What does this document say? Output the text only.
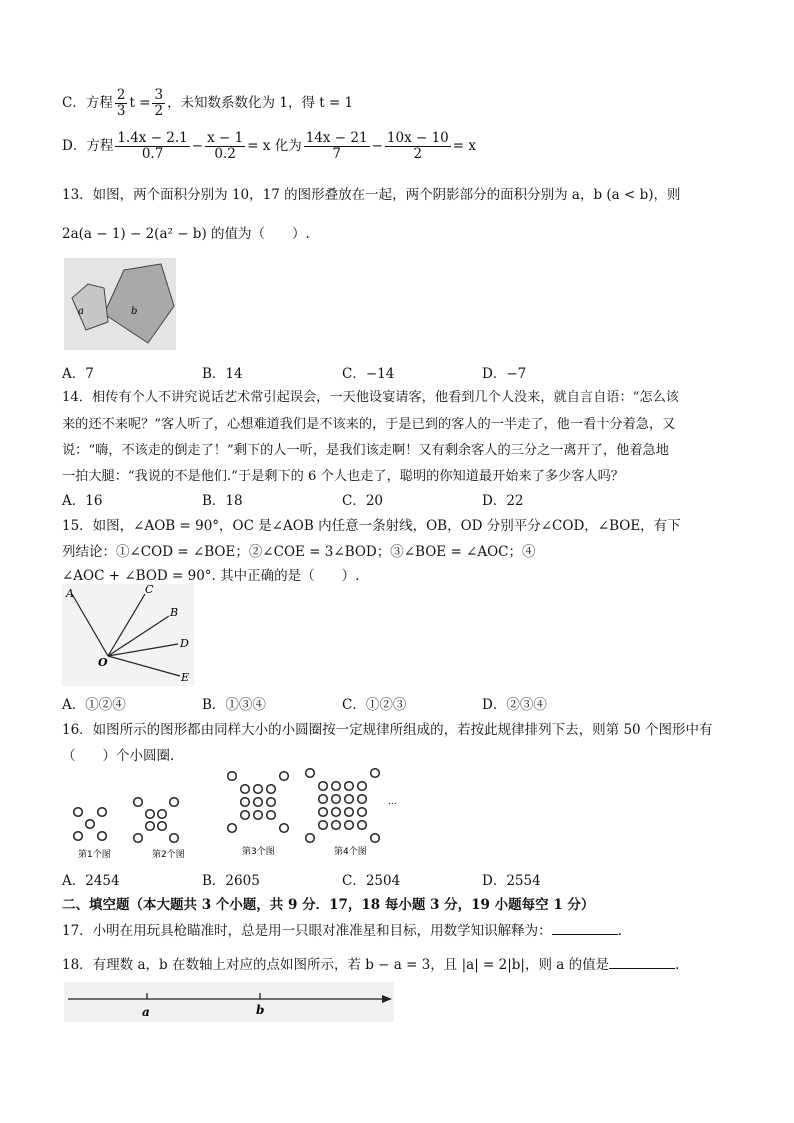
C．方程 $\frac{2}{3}$ $t = \frac{3}{2}$ ，未知数系数化为 1，得 t = 1
D．方程 $\frac{1.4x - 2.1}{0.7} - \frac{x - 1}{0.2} = x$ 化为 $\frac{14x - 21}{7} - \frac{10x - 10}{2} = x$
13．如图，两个面积分别为 10，17 的图形叠放在一起，两个阴影部分的面积分别为 a，b (a < b)，则
2a(a − 1) − 2(a² − b) 的值为（　　）.
a	b
A．7	B．14	C．−14	D．−7
14．相传有个人不讲究说话艺术常引起误会，一天他设宴请客，他看到几个人没来，就自言自语：“怎么该
来的还不来呢？”客人听了，心想难道我们是不该来的，于是已到的客人的一半走了，他一看十分着急，又
说：“嗨，不该走的倒走了！”剩下的人一听，是我们该走啊！又有剩余客人的三分之一离开了，他着急地
一拍大腿：“我说的不是他们.”于是剩下的 6 个人也走了，聪明的你知道最开始来了多少客人吗？
A．16	B．18	C．20	D．22
15．如图，∠AOB = 90°，OC 是∠AOB 内任意一条射线，OB，OD 分别平分∠COD，∠BOE，有下
列结论：①∠COD = ∠BOE；②∠COE = 3∠BOD；③∠BOE = ∠AOC；④
∠AOC + ∠BOD = 90°. 其中正确的是（　　）.
A	C
B
D
O
E
A．①②④	B．①③④	C．①②③	D．②③④
16．如图所示的图形都由同样大小的小圆圈按一定规律所组成的，若按此规律排列下去，则第 50 个图形中有
（　　）个小圆圈.
第1个图	第2个图	第3个图	第4个图
...
A．2454	B．2605	C．2504	D．2554
二、填空题（本大题共 3 个小题，共 9 分．17，18 每小题 3 分，19 小题每空 1 分）
17．小明在用玩具枪瞄准时，总是用一只眼对准准星和目标，用数学知识解释为：	.
18．有理数 a，b 在数轴上对应的点如图所示，若 b − a = 3，且 |a| = 2|b|，则 a 的值是	.
a	b
